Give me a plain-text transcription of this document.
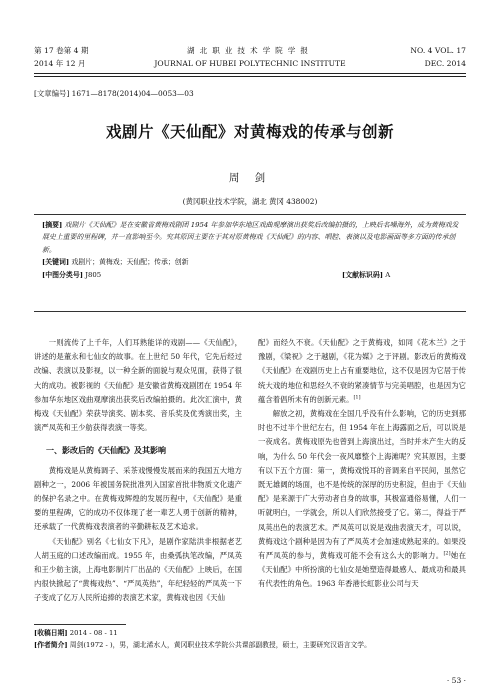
第 17 卷第 4 期
2014 年 12 月
湖北职业技术学院学报
JOURNAL OF HUBEI POLYTECHNIC INSTITUTE
NO. 4 VOL. 17
DEC. 2014
[文章编号] 1671—8178(2014)04—0053—03
戏剧片《天仙配》对黄梅戏的传承与创新
周 剑
(黄冈职业技术学院，湖北 黄冈 438002)

[摘要] 戏剧片《天仙配》是在安徽省黄梅戏剧团 1954 年参加华东地区戏曲观摩演出获奖后改编拍摄的，上映后名噪海外，成为黄梅戏发展史上重要的里程碑，并一直影响至今。究其原因主要在于其对原黄梅戏《天仙配》的内容、唱腔、表演以及电影画面等多方面的传承创新。

[关键词] 戏剧片；黄梅戏；天仙配；传承；创新

[中图分类号] J805	[文献标识码] A

一则流传了上千年，人们耳熟能详的戏剧——《天仙配》，讲述的是董永和七仙女的故事。在上世纪 50 年代，它先后经过改编、表演以及影视，以一种全新的面貌与观众见面，获得了很大的成功。被影视的《天仙配》是安徽省黄梅戏剧团在 1954 年参加华东地区戏曲观摩演出获奖后改编拍摄的。此次汇演中，黄梅戏《天仙配》荣获导演奖、剧本奖、音乐奖及优秀演出奖，主演严凤英和王少舫获得表演一等奖。

一、影改后的《天仙配》及其影响

黄梅戏是从黄梅调子、采茶戏慢慢发展而来的我国五大地方剧种之一，2006 年被国务院批准列入国家首批非物质文化遗产的保护名录之中。在黄梅戏辉煌的发展历程中，《天仙配》是重要的里程碑，它的成功不仅体现了老一辈艺人勇于创新的精神，还承载了一代黄梅戏表演者的辛勤耕耘及艺术追求。

《天仙配》别名《七仙女下凡》，是剧作家陆洪非根据老艺人胡玉庭的口述改编而成。1955 年，由桑弧执笔改编，严凤英和王少舫主演，上海电影制片厂出品的《天仙配》上映后，在国内很快掀起了“黄梅戏热”、“严凤英热”，年纪轻轻的严凤英一下子变成了亿万人民所追捧的表演艺术家，黄梅戏也因《天仙

配》而经久不衰。《天仙配》之于黄梅戏，如同《花木兰》之于豫剧，《梁祝》之于越剧，《花为媒》之于评剧。影改后的黄梅戏《天仙配》在戏剧历史上占有重要地位，这不仅是因为它居于传统大戏的地位和思经久不衰的紧凑情节与完美唱腔，也是因为它蕴含着倡所未有的创新元素。[1]

解放之初，黄梅戏在全国几乎没有什么影响，它的历史到那时也不过半个世纪左右，但 1954 年在上海露面之后，可以说是一夜成名。黄梅戏原先也曾到上海演出过，当时并未产生大的反响，为什么 50 年代会一夜风靡整个上海滩呢？究其原因，主要有以下五个方面：第一，黄梅戏悦耳的音调来自平民间，虽然它既无雄阔的场面，也不是传统的深厚的历史积淀，但由于《天仙配》是来源于广大劳动者自身的故事，其极富通俗易懂，人们一听就明白，一学就会，所以人们欣然接受了它。第二，得益于严凤英出色的表演艺术。严凤英可以说是戏曲表演天才，可以说，黄梅戏这个剧种是因为有了严凤英才会加速成熟起来的。如果没有严凤英的参与，黄梅戏可能不会有这么大的影响力。[2]她在《天仙配》中所扮演的七仙女是她塑造得最感人、最成功和最具有代表性的角色。1963 年香港长虹影业公司与天

[收稿日期] 2014 - 08 - 11
[作者简介] 周剑(1972 - )，男，湖北浠水人，黄冈职业技术学院公共课部副教授，硕士，主要研究汉语言文学。
· 53 ·
